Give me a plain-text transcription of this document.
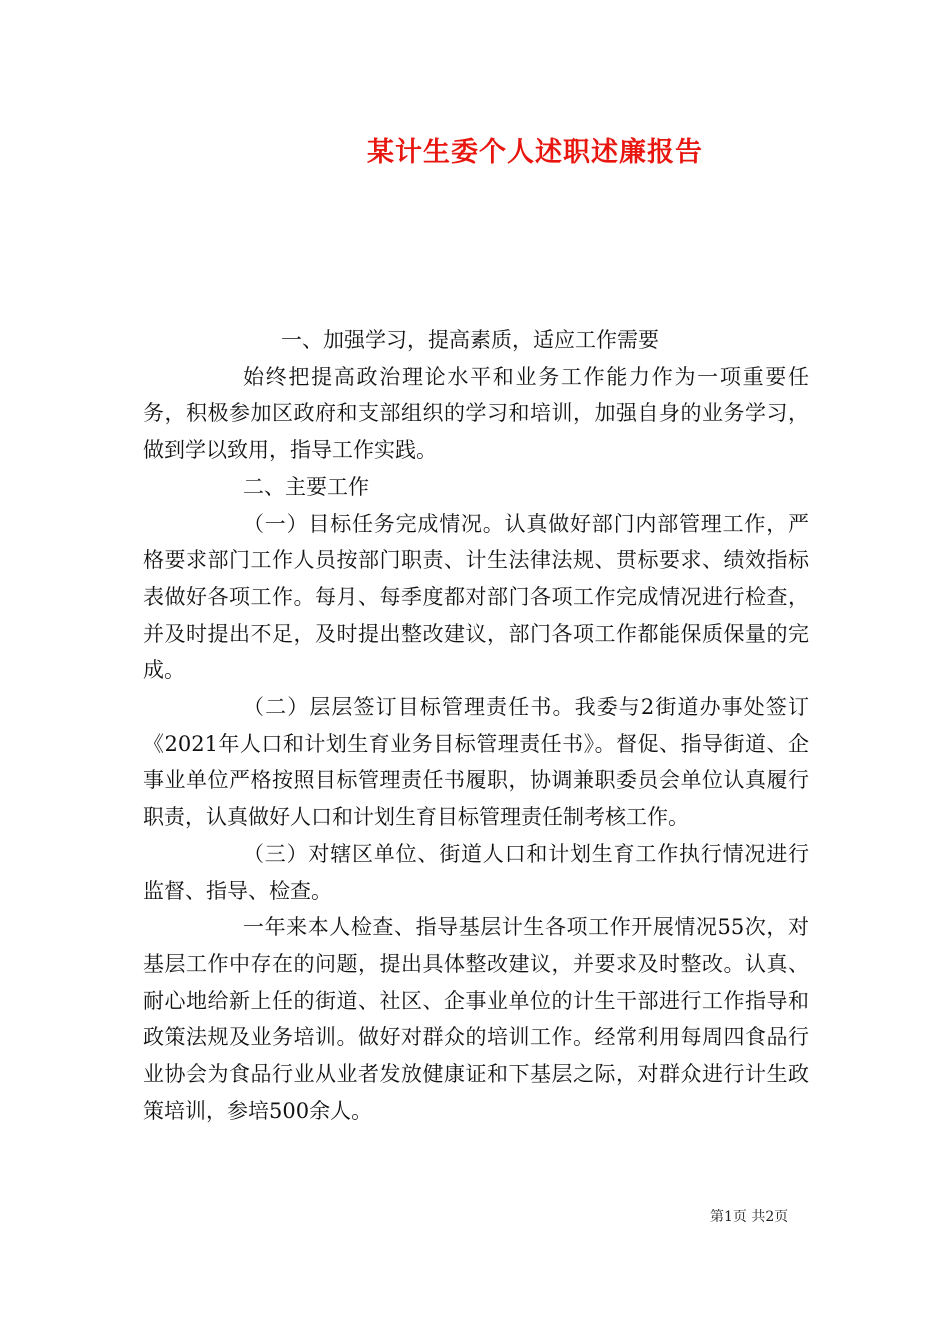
某计生委个人述职述廉报告

一、加强学习，提高素质，适应工作需要

始终把提高政治理论水平和业务工作能力作为一项重要任务，积极参加区政府和支部组织的学习和培训，加强自身的业务学习，做到学以致用，指导工作实践。

二、主要工作

（一）目标任务完成情况。认真做好部门内部管理工作，严格要求部门工作人员按部门职责、计生法律法规、贯标要求、绩效指标表做好各项工作。每月、每季度都对部门各项工作完成情况进行检查，并及时提出不足，及时提出整改建议，部门各项工作都能保质保量的完成。

（二）层层签订目标管理责任书。我委与2街道办事处签订《2021年人口和计划生育业务目标管理责任书》。督促、指导街道、企事业单位严格按照目标管理责任书履职，协调兼职委员会单位认真履行职责，认真做好人口和计划生育目标管理责任制考核工作。

（三）对辖区单位、街道人口和计划生育工作执行情况进行监督、指导、检查。

一年来本人检查、指导基层计生各项工作开展情况55次，对基层工作中存在的问题，提出具体整改建议，并要求及时整改。认真、耐心地给新上任的街道、社区、企事业单位的计生干部进行工作指导和政策法规及业务培训。做好对群众的培训工作。经常利用每周四食品行业协会为食品行业从业者发放健康证和下基层之际，对群众进行计生政策培训，参培500余人。

第1页 共2页
